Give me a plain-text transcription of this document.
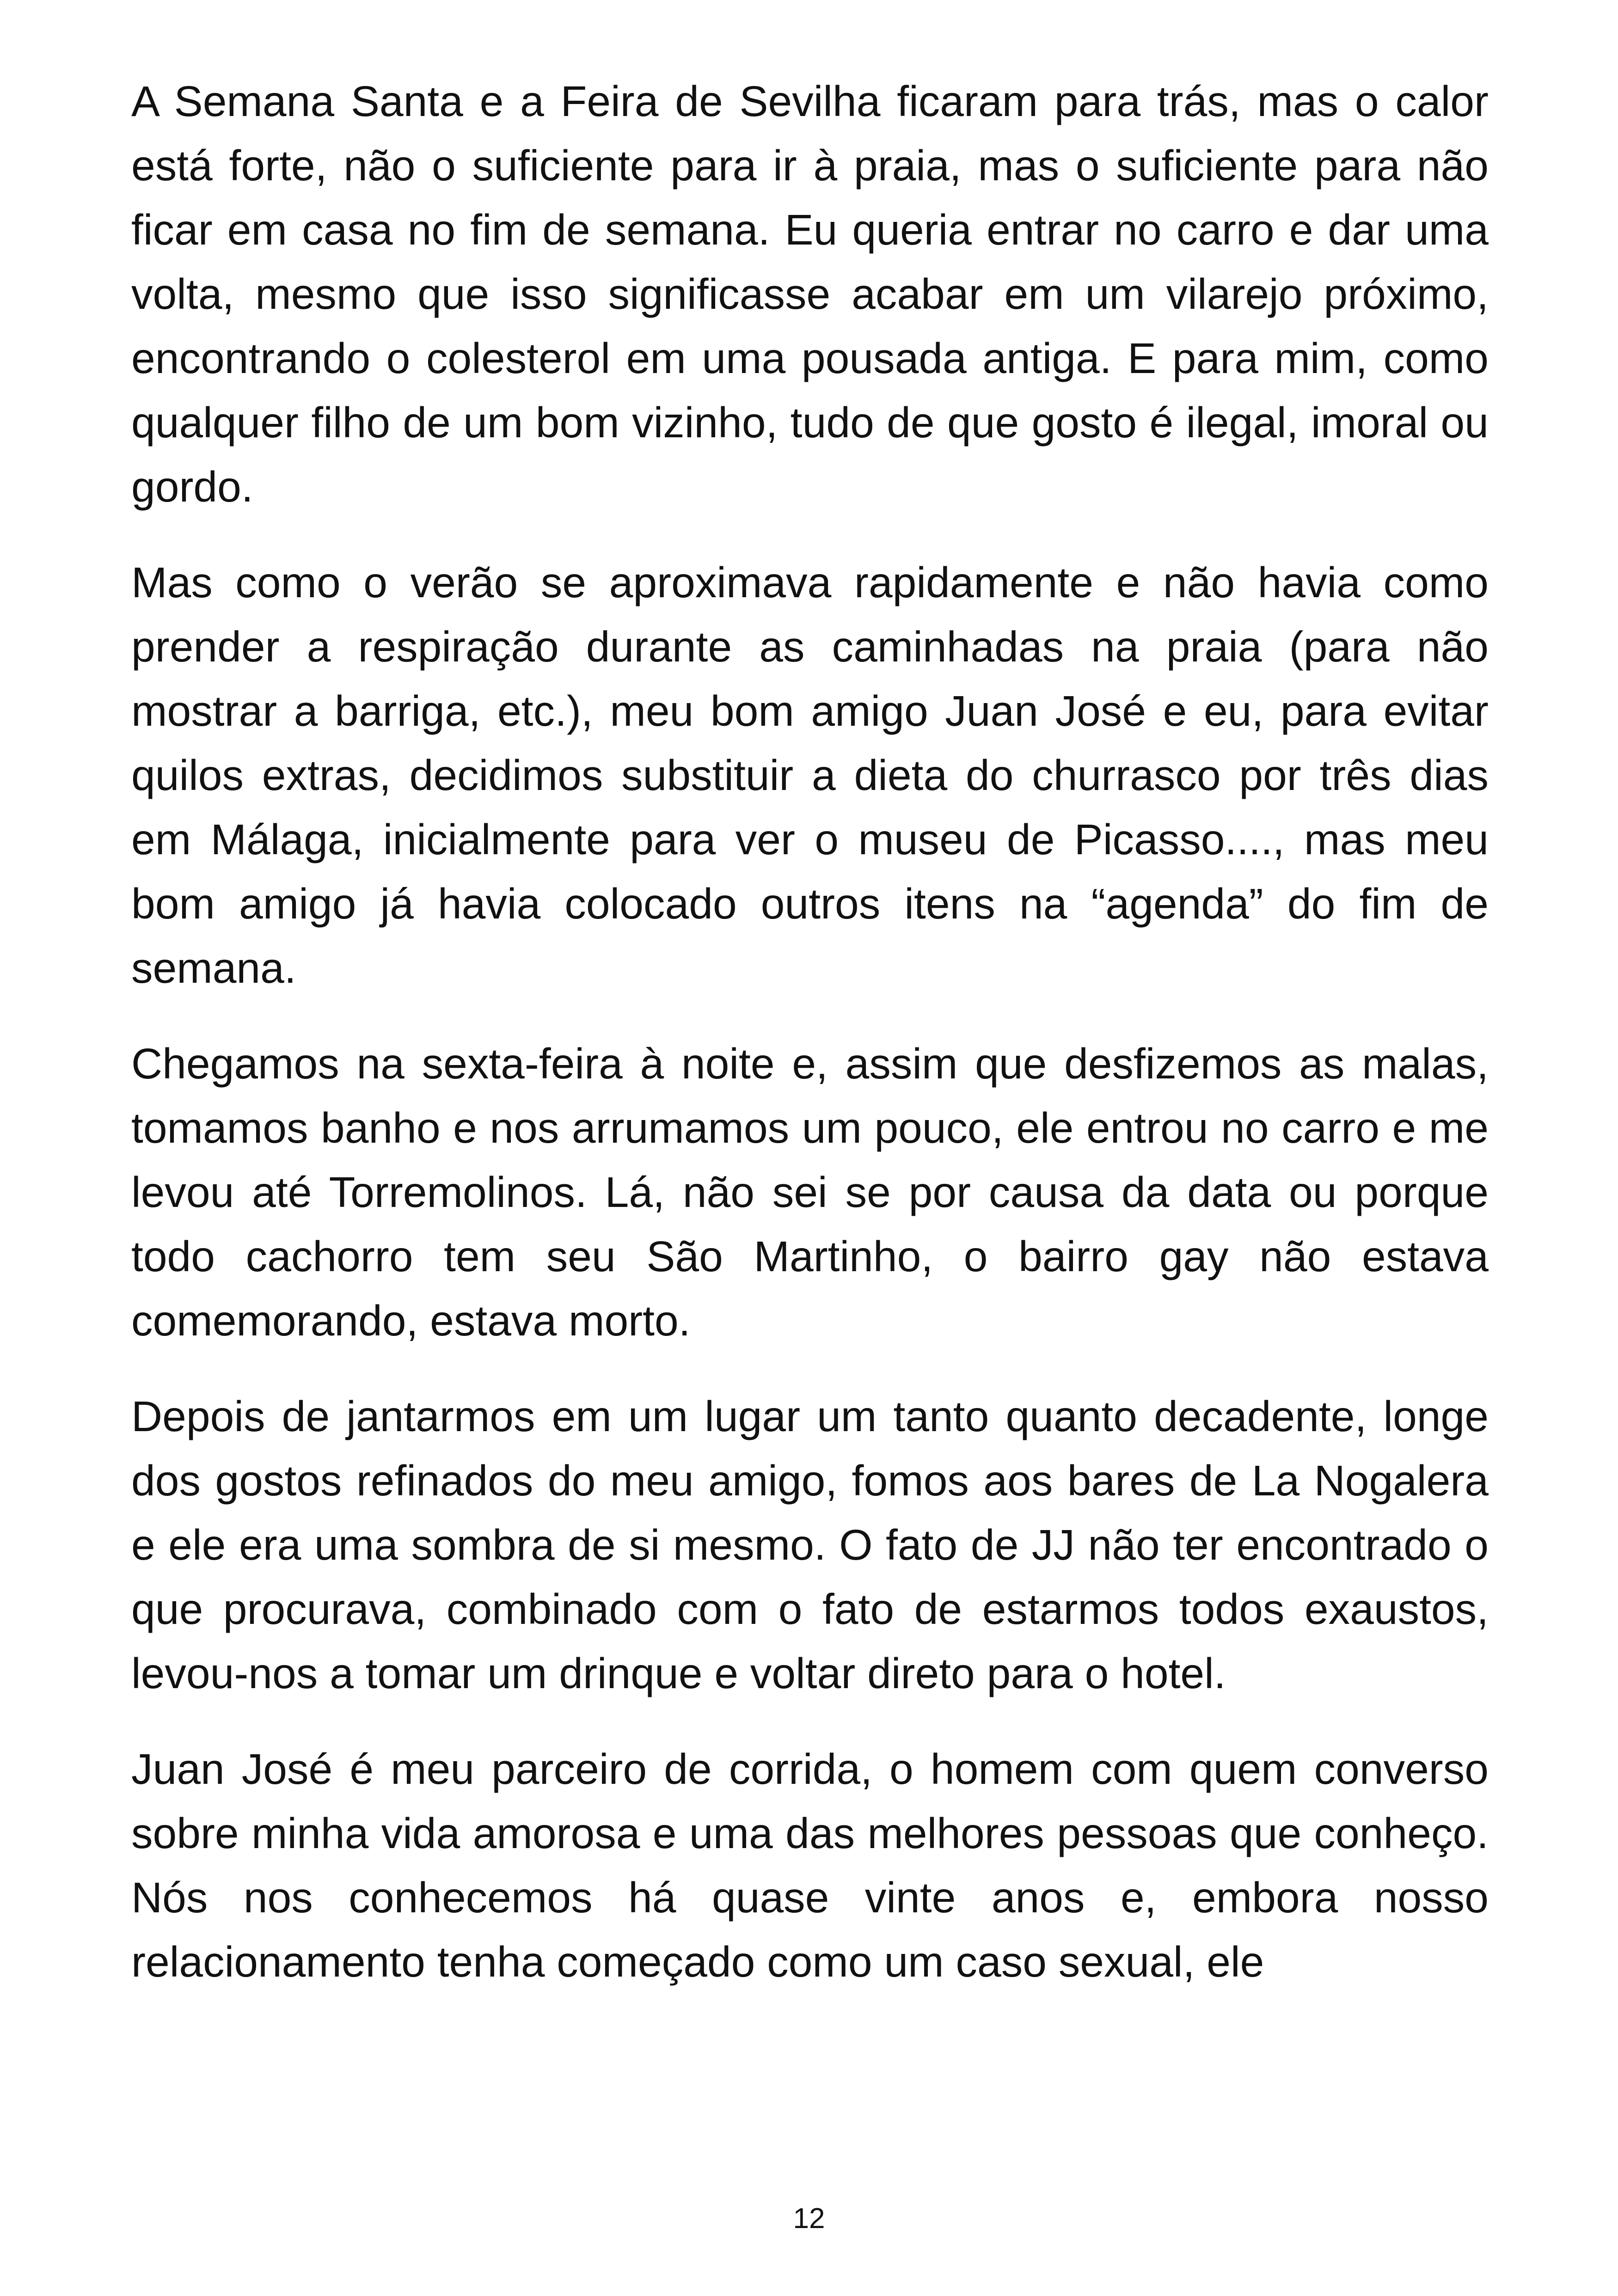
A Semana Santa e a Feira de Sevilha ficaram para trás, mas o calor está forte, não o suficiente para ir à praia, mas o suficiente para não ficar em casa no fim de semana. Eu queria entrar no carro e dar uma volta, mesmo que isso significasse acabar em um vilarejo próximo, encontrando o colesterol em uma pousada antiga. E para mim, como qualquer filho de um bom vizinho, tudo de que gosto é ilegal, imoral ou gordo.

Mas como o verão se aproximava rapidamente e não havia como prender a respiração durante as caminhadas na praia (para não mostrar a barriga, etc.), meu bom amigo Juan José e eu, para evitar quilos extras, decidimos substituir a dieta do churrasco por três dias em Málaga, inicialmente para ver o museu de Picasso...., mas meu bom amigo já havia colocado outros itens na “agenda” do fim de semana.

Chegamos na sexta-feira à noite e, assim que desfizemos as malas, tomamos banho e nos arrumamos um pouco, ele entrou no carro e me levou até Torremolinos. Lá, não sei se por causa da data ou porque todo cachorro tem seu São Martinho, o bairro gay não estava comemorando, estava morto.

Depois de jantarmos em um lugar um tanto quanto decadente, longe dos gostos refinados do meu amigo, fomos aos bares de La Nogalera e ele era uma sombra de si mesmo. O fato de JJ não ter encontrado o que procurava, combinado com o fato de estarmos todos exaustos, levou-nos a tomar um drinque e voltar direto para o hotel.

Juan José é meu parceiro de corrida, o homem com quem converso sobre minha vida amorosa e uma das melhores pessoas que conheço. Nós nos conhecemos há quase vinte anos e, embora nosso relacionamento tenha começado como um caso sexual, ele

12
